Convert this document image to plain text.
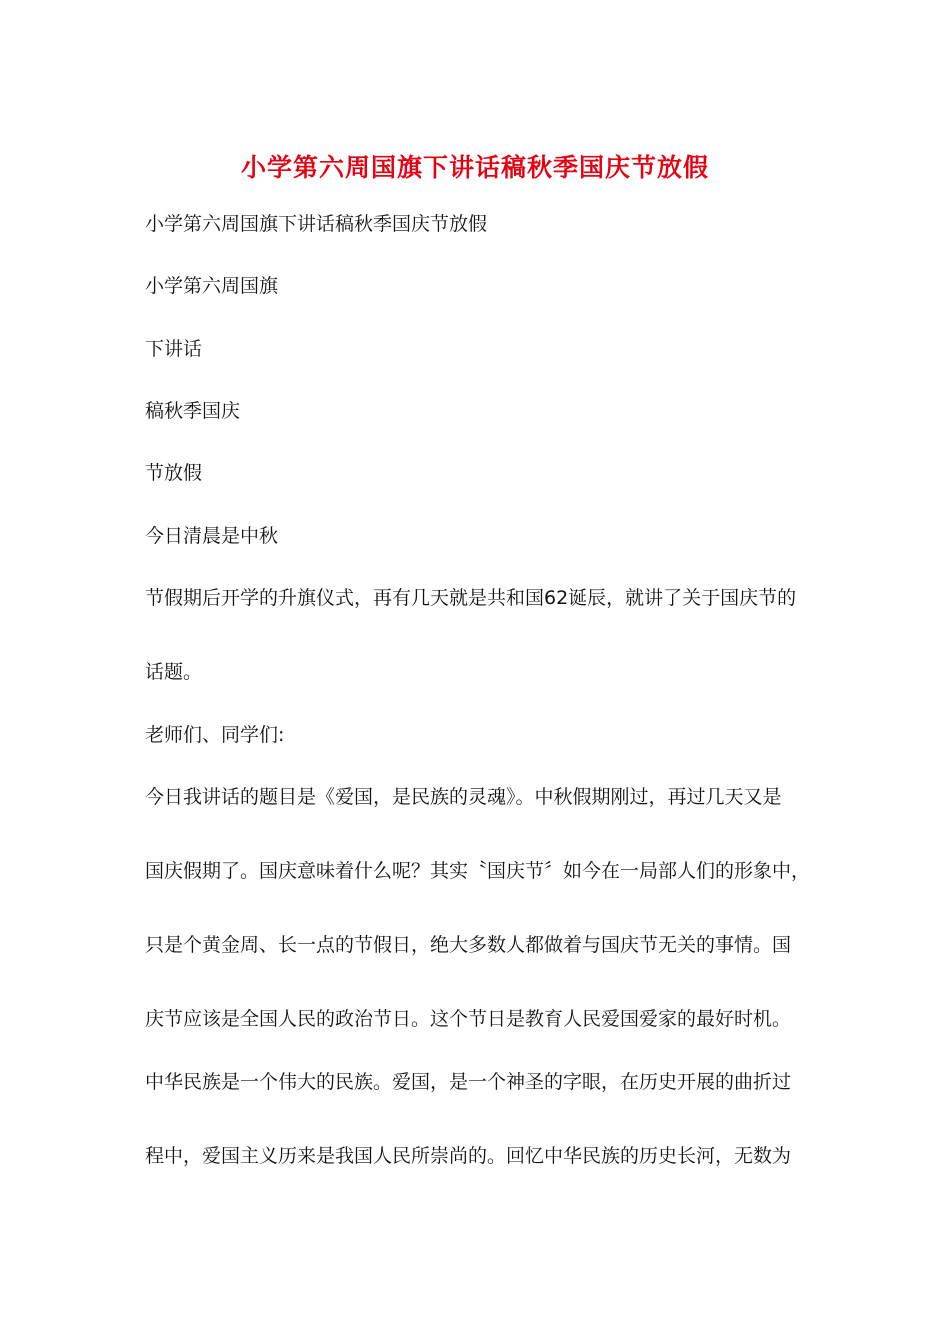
小学第六周国旗下讲话稿秋季国庆节放假
小学第六周国旗下讲话稿秋季国庆节放假
小学第六周国旗
下讲话
稿秋季国庆
节放假
今日清晨是中秋
节假期后开学的升旗仪式，再有几天就是共和国62诞辰，就讲了关于国庆节的
话题。
老师们、同学们:
今日我讲话的题目是《爱国，是民族的灵魂》。中秋假期刚过，再过几天又是
国庆假期了。国庆意味着什么呢？其实〝国庆节〞如今在一局部人们的形象中，
只是个黄金周、长一点的节假日，绝大多数人都做着与国庆节无关的事情。国
庆节应该是全国人民的政治节日。这个节日是教育人民爱国爱家的最好时机。
中华民族是一个伟大的民族。爱国，是一个神圣的字眼，在历史开展的曲折过
程中，爱国主义历来是我国人民所崇尚的。回忆中华民族的历史长河，无数为
